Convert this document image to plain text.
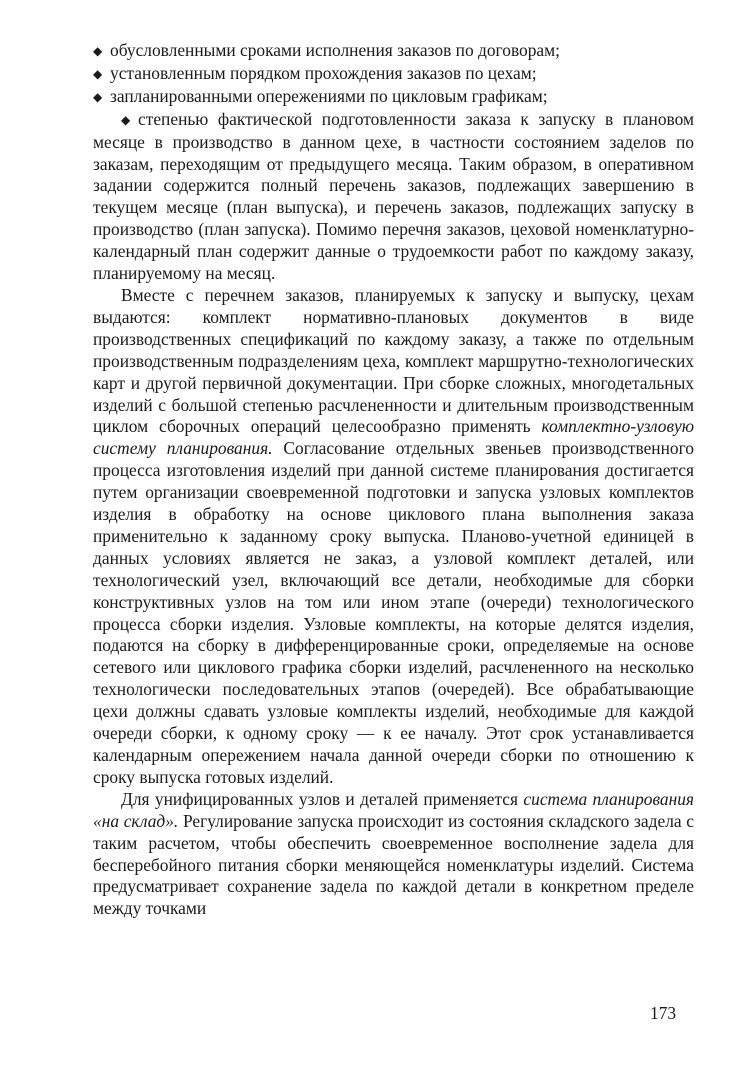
◆ обусловленными сроками исполнения заказов по договорам;
◆ установленным порядком прохождения заказов по цехам;
◆ запланированными опережениями по цикловым графикам;

◆ степенью фактической подготовленности заказа к запуску в плановом месяце в производство в данном цехе, в частности состоянием заделов по заказам, переходящим от предыдущего месяца. Таким образом, в оперативном задании содержится полный перечень заказов, подлежащих завершению в текущем месяце (план выпуска), и перечень заказов, подлежащих запуску в производство (план запуска). Помимо перечня заказов, цеховой номенклатурно-календарный план содержит данные о трудоемкости работ по каждому заказу, планируемому на месяц.

Вместе с перечнем заказов, планируемых к запуску и выпуску, цехам выдаются: комплект нормативно-плановых документов в виде производственных спецификаций по каждому заказу, а также по отдельным производственным подразделениям цеха, комплект маршрутно-технологических карт и другой первичной документации. При сборке сложных, многодетальных изделий с большой степенью расчлененности и длительным производственным циклом сборочных операций целесообразно применять комплектно-узловую систему планирования. Согласование отдельных звеньев производственного процесса изготовления изделий при данной системе планирования достигается путем организации своевременной подготовки и запуска узловых комплектов изделия в обработку на основе циклового плана выполнения заказа применительно к заданному сроку выпуска. Планово-учетной единицей в данных условиях является не заказ, а узловой комплект деталей, или технологический узел, включающий все детали, необходимые для сборки конструктивных узлов на том или ином этапе (очереди) технологического процесса сборки изделия. Узловые комплекты, на которые делятся изделия, подаются на сборку в дифференцированные сроки, определяемые на основе сетевого или циклового графика сборки изделий, расчлененного на несколько технологически последовательных этапов (очередей). Все обрабатывающие цехи должны сдавать узловые комплекты изделий, необходимые для каждой очереди сборки, к одному сроку — к ее началу. Этот срок устанавливается календарным опережением начала данной очереди сборки по отношению к сроку выпуска готовых изделий.

Для унифицированных узлов и деталей применяется система планирования «на склад». Регулирование запуска происходит из состояния складского задела с таким расчетом, чтобы обеспечить своевременное восполнение задела для бесперебойного питания сборки меняющейся номенклатуры изделий. Система предусматривает сохранение задела по каждой детали в конкретном пределе между точками

173
